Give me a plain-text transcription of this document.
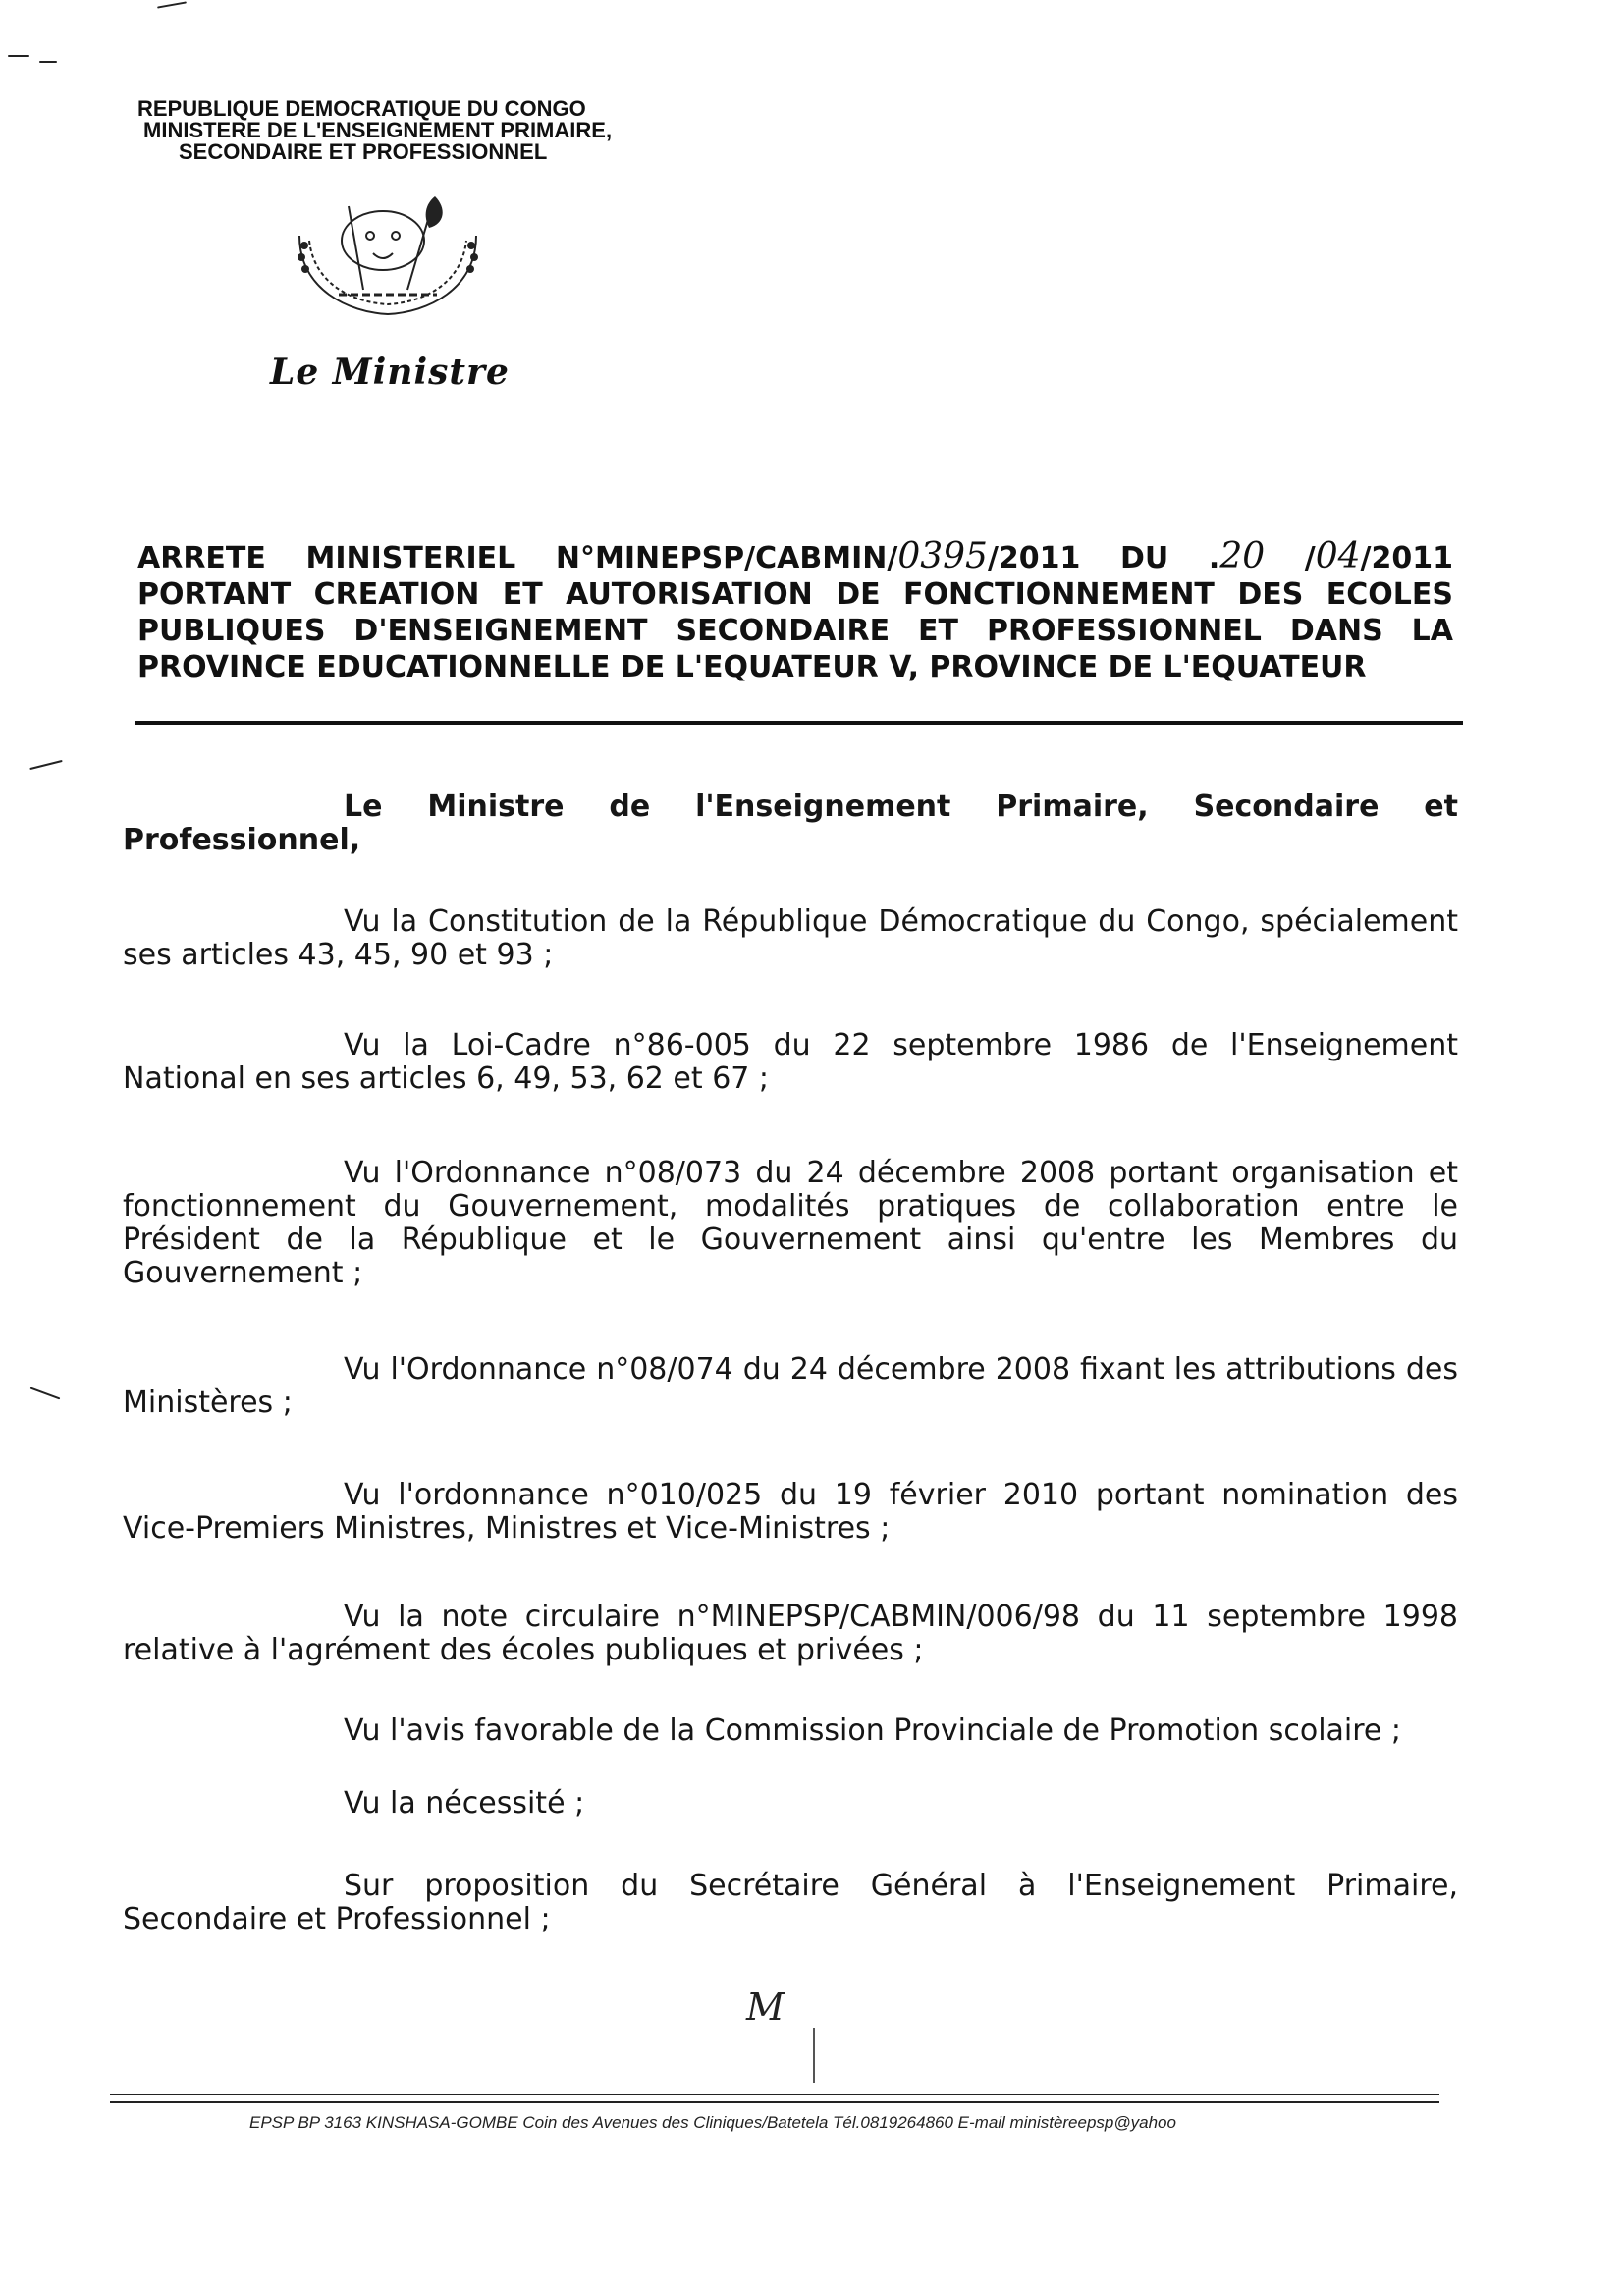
REPUBLIQUE DEMOCRATIQUE DU CONGO
MINISTERE DE L'ENSEIGNEMENT PRIMAIRE,
SECONDAIRE ET PROFESSIONNEL
Le Ministre
ARRETE MINISTERIEL N°MINEPSP/CABMIN/0395/2011 DU .20 /04/2011
PORTANT CREATION ET AUTORISATION DE FONCTIONNEMENT DES ECOLES
PUBLIQUES D'ENSEIGNEMENT SECONDAIRE ET PROFESSIONNEL DANS LA
PROVINCE EDUCATIONNELLE DE L'EQUATEUR V, PROVINCE DE L'EQUATEUR
Le Ministre de l'Enseignement Primaire, Secondaire et
Professionnel,
Vu la Constitution de la République Démocratique du Congo, spécialement
ses articles 43, 45, 90 et 93 ;
Vu la Loi-Cadre n°86-005 du 22 septembre 1986 de l'Enseignement
National en ses articles 6, 49, 53, 62 et 67 ;
Vu l'Ordonnance n°08/073 du 24 décembre 2008 portant organisation et
fonctionnement du Gouvernement, modalités pratiques de collaboration entre le Président de la République et le Gouvernement ainsi qu'entre les Membres du Gouvernement ;
Vu l'Ordonnance n°08/074 du 24 décembre 2008 fixant les attributions des
Ministères ;
Vu l'ordonnance n°010/025 du 19 février 2010 portant nomination des
Vice-Premiers Ministres, Ministres et Vice-Ministres ;
Vu la note circulaire n°MINEPSP/CABMIN/006/98 du 11 septembre 1998
relative à l'agrément des écoles publiques et privées ;
Vu l'avis favorable de la Commission Provinciale de Promotion scolaire ;
Vu la nécessité ;
Sur proposition du Secrétaire Général à l'Enseignement Primaire,
Secondaire et Professionnel ;
M
EPSP BP 3163 KINSHASA-GOMBE Coin des Avenues des Cliniques/Batetela Tél.0819264860 E-mail ministèreepsp@yahoo
